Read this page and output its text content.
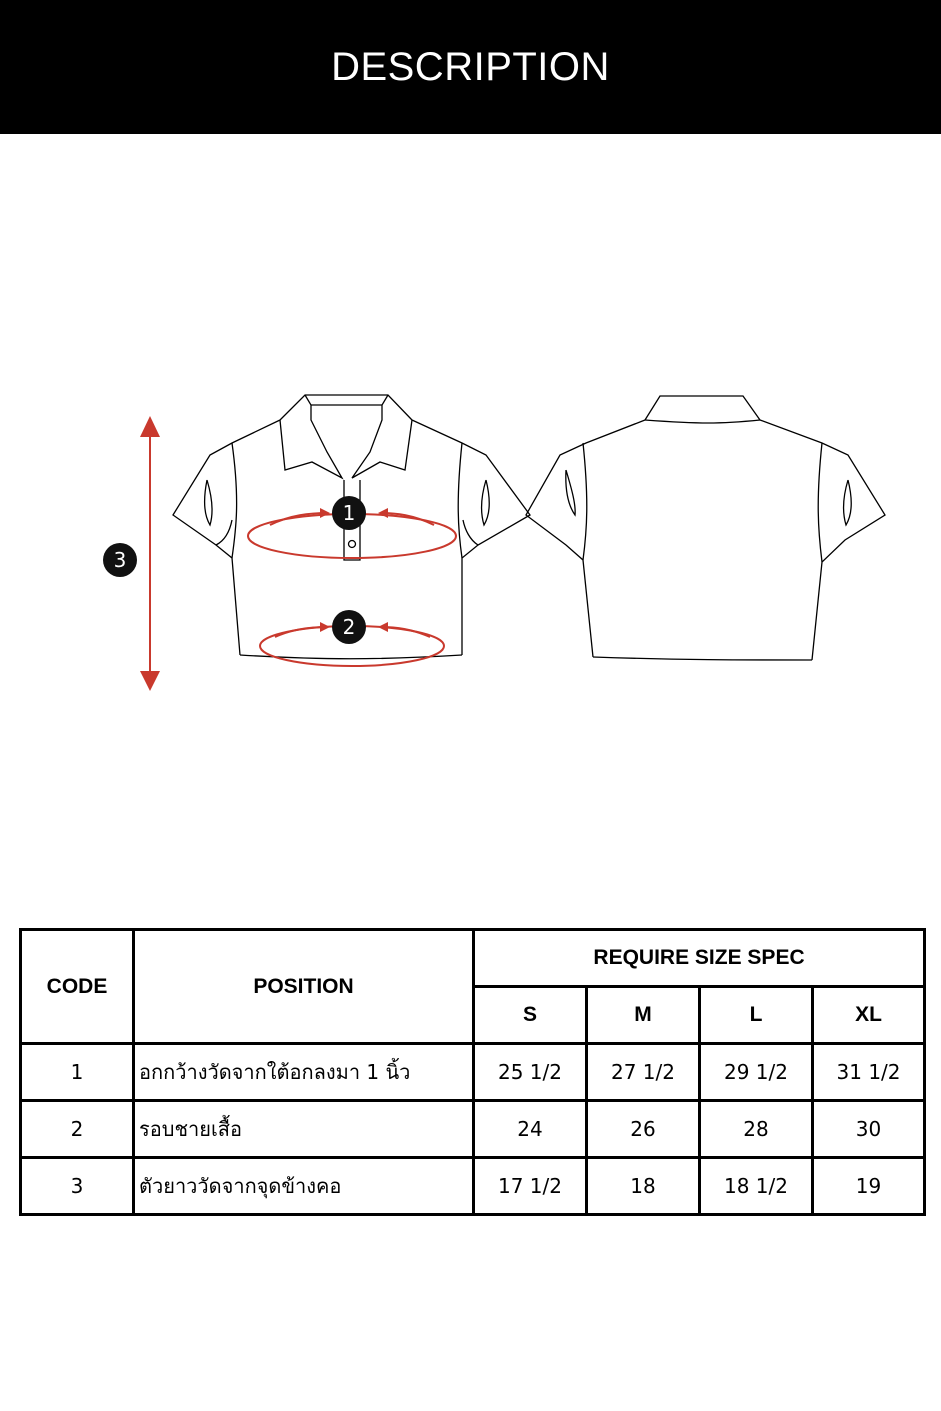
DESCRIPTION
1
2
3
CODE	POSITION	REQUIRE SIZE SPEC			
		S	M	L	XL
1	อกกว้างวัดจากใต้อกลงมา 1 นิ้ว	25 1/2	27 1/2	29 1/2	31 1/2
2	รอบชายเสื้อ	24	26	28	30
3	ตัวยาววัดจากจุดข้างคอ	17 1/2	18	18 1/2	19
